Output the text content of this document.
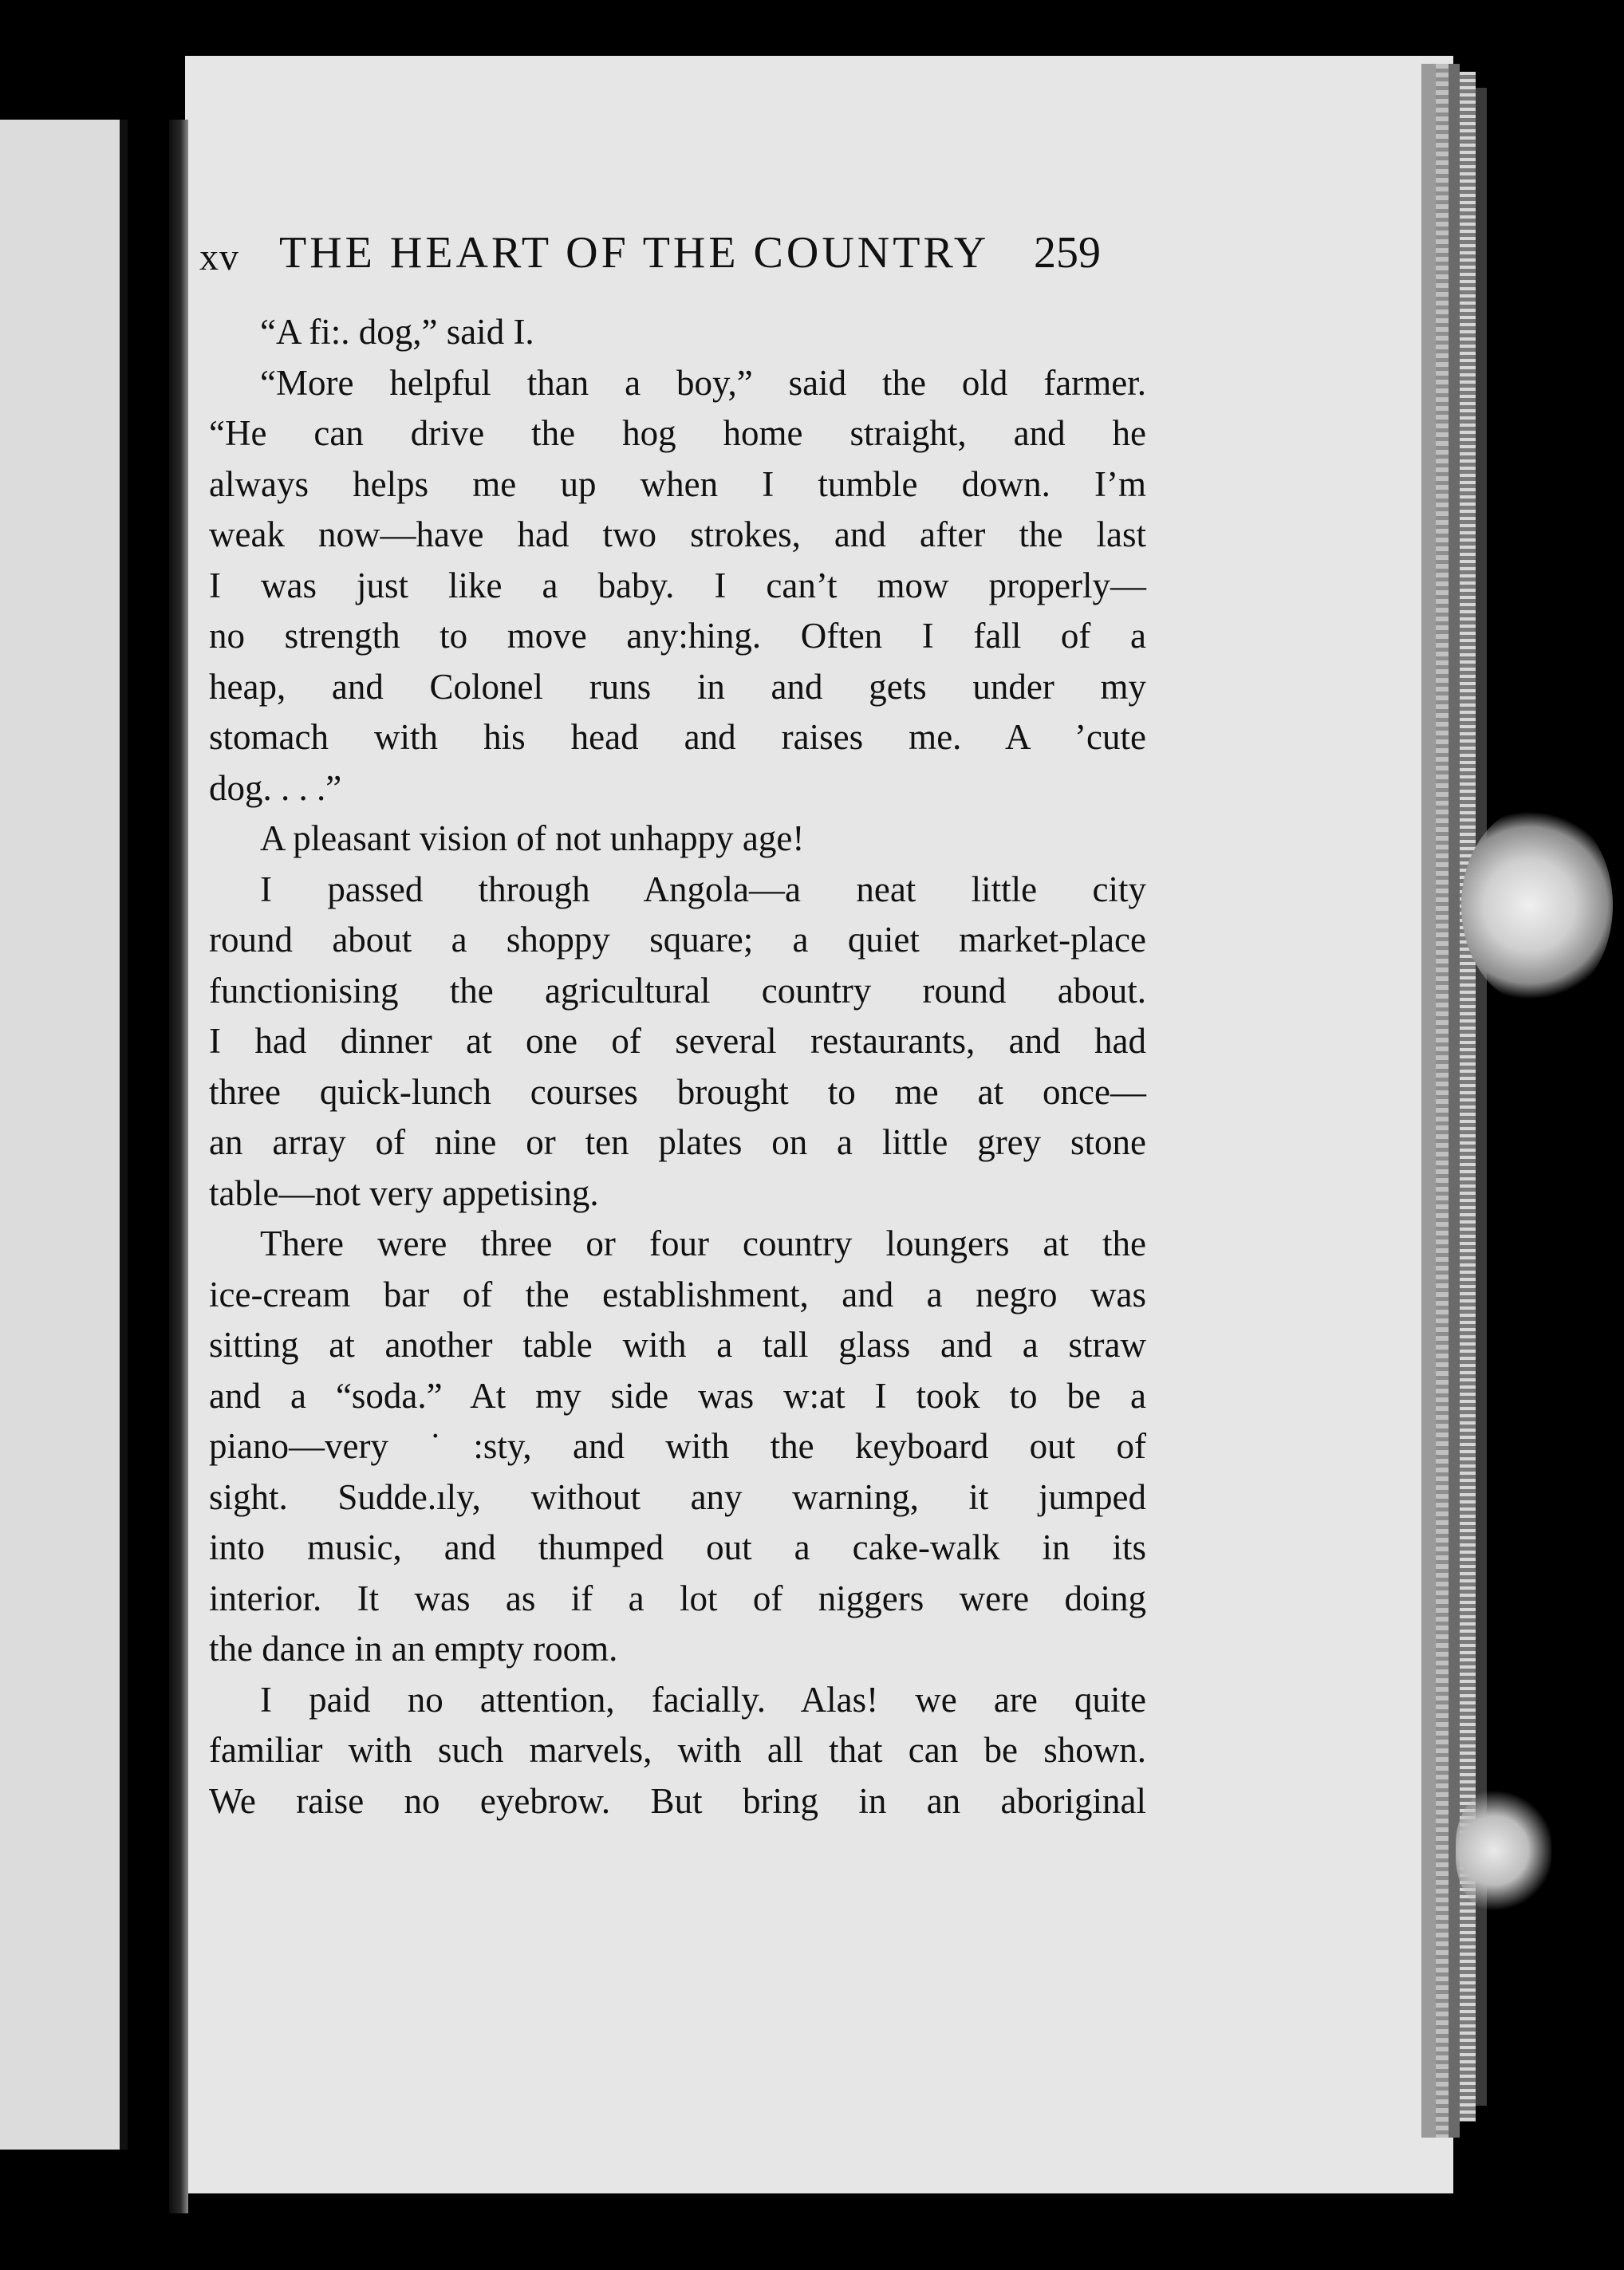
xv THE HEART OF THE COUNTRY 259
“A fi:. dog,” said I.
“More helpful than a boy,” said the old farmer.
“He can drive the hog home straight, and he
always helps me up when I tumble down. I’m
weak now—have had two strokes, and after the last
I was just like a baby. I can’t mow properly—
no strength to move any:hing. Often I fall of a
heap, and Colonel runs in and gets under my
stomach with his head and raises me. A ’cute
dog. . . .”
A pleasant vision of not unhappy age!
I passed through Angola—a neat little city
round about a shoppy square; a quiet market-place
functionising the agricultural country round about.
I had dinner at one of several restaurants, and had
three quick-lunch courses brought to me at once—
an array of nine or ten plates on a little grey stone
table—not very appetising.
There were three or four country loungers at the
ice-cream bar of the establishment, and a negro was
sitting at another table with a tall glass and a straw
and a “soda.” At my side was w:at I took to be a
piano—very ˙:sty, and with the keyboard out of
sight. Sudde.ıly, without any warning, it jumped
into music, and thumped out a cake-walk in its
interior. It was as if a lot of niggers were doing
the dance in an empty room.
I paid no attention, facially. Alas! we are quite
familiar with such marvels, with all that can be shown.
We raise no eyebrow. But bring in an aboriginal
